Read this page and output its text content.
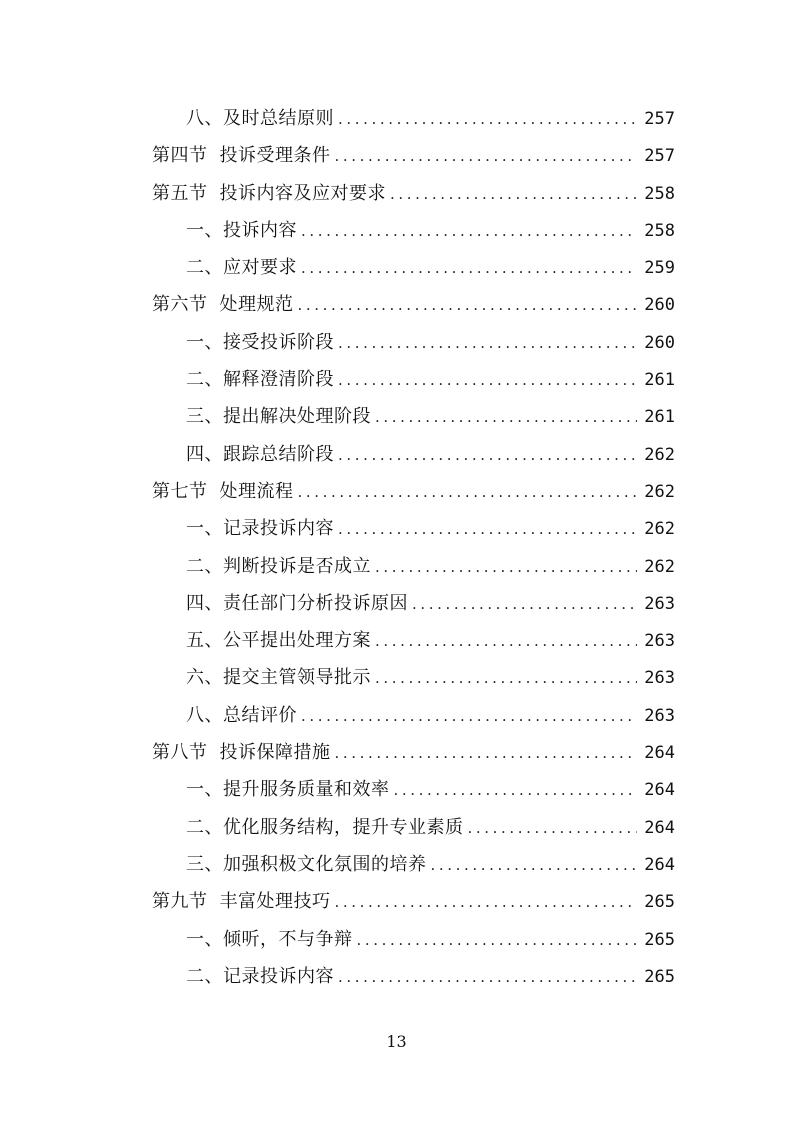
八、及时总结原则 .....	257
第四节 投诉受理条件 .....	257
第五节 投诉内容及应对要求 .....	258
一、投诉内容 .....	258
二、应对要求 .....	259
第六节 处理规范 .....	260
一、接受投诉阶段 .....	260
二、解释澄清阶段 .....	261
三、提出解决处理阶段 .....	261
四、跟踪总结阶段 .....	262
第七节 处理流程 .....	262
一、记录投诉内容 .....	262
二、判断投诉是否成立 .....	262
四、责任部门分析投诉原因 .....	263
五、公平提出处理方案 .....	263
六、提交主管领导批示 .....	263
八、总结评价 .....	263
第八节 投诉保障措施 .....	264
一、提升服务质量和效率 .....	264
二、优化服务结构，提升专业素质 .....	264
三、加强积极文化氛围的培养 .....	264
第九节 丰富处理技巧 .....	265
一、倾听，不与争辩 .....	265
二、记录投诉内容 .....	265
13
